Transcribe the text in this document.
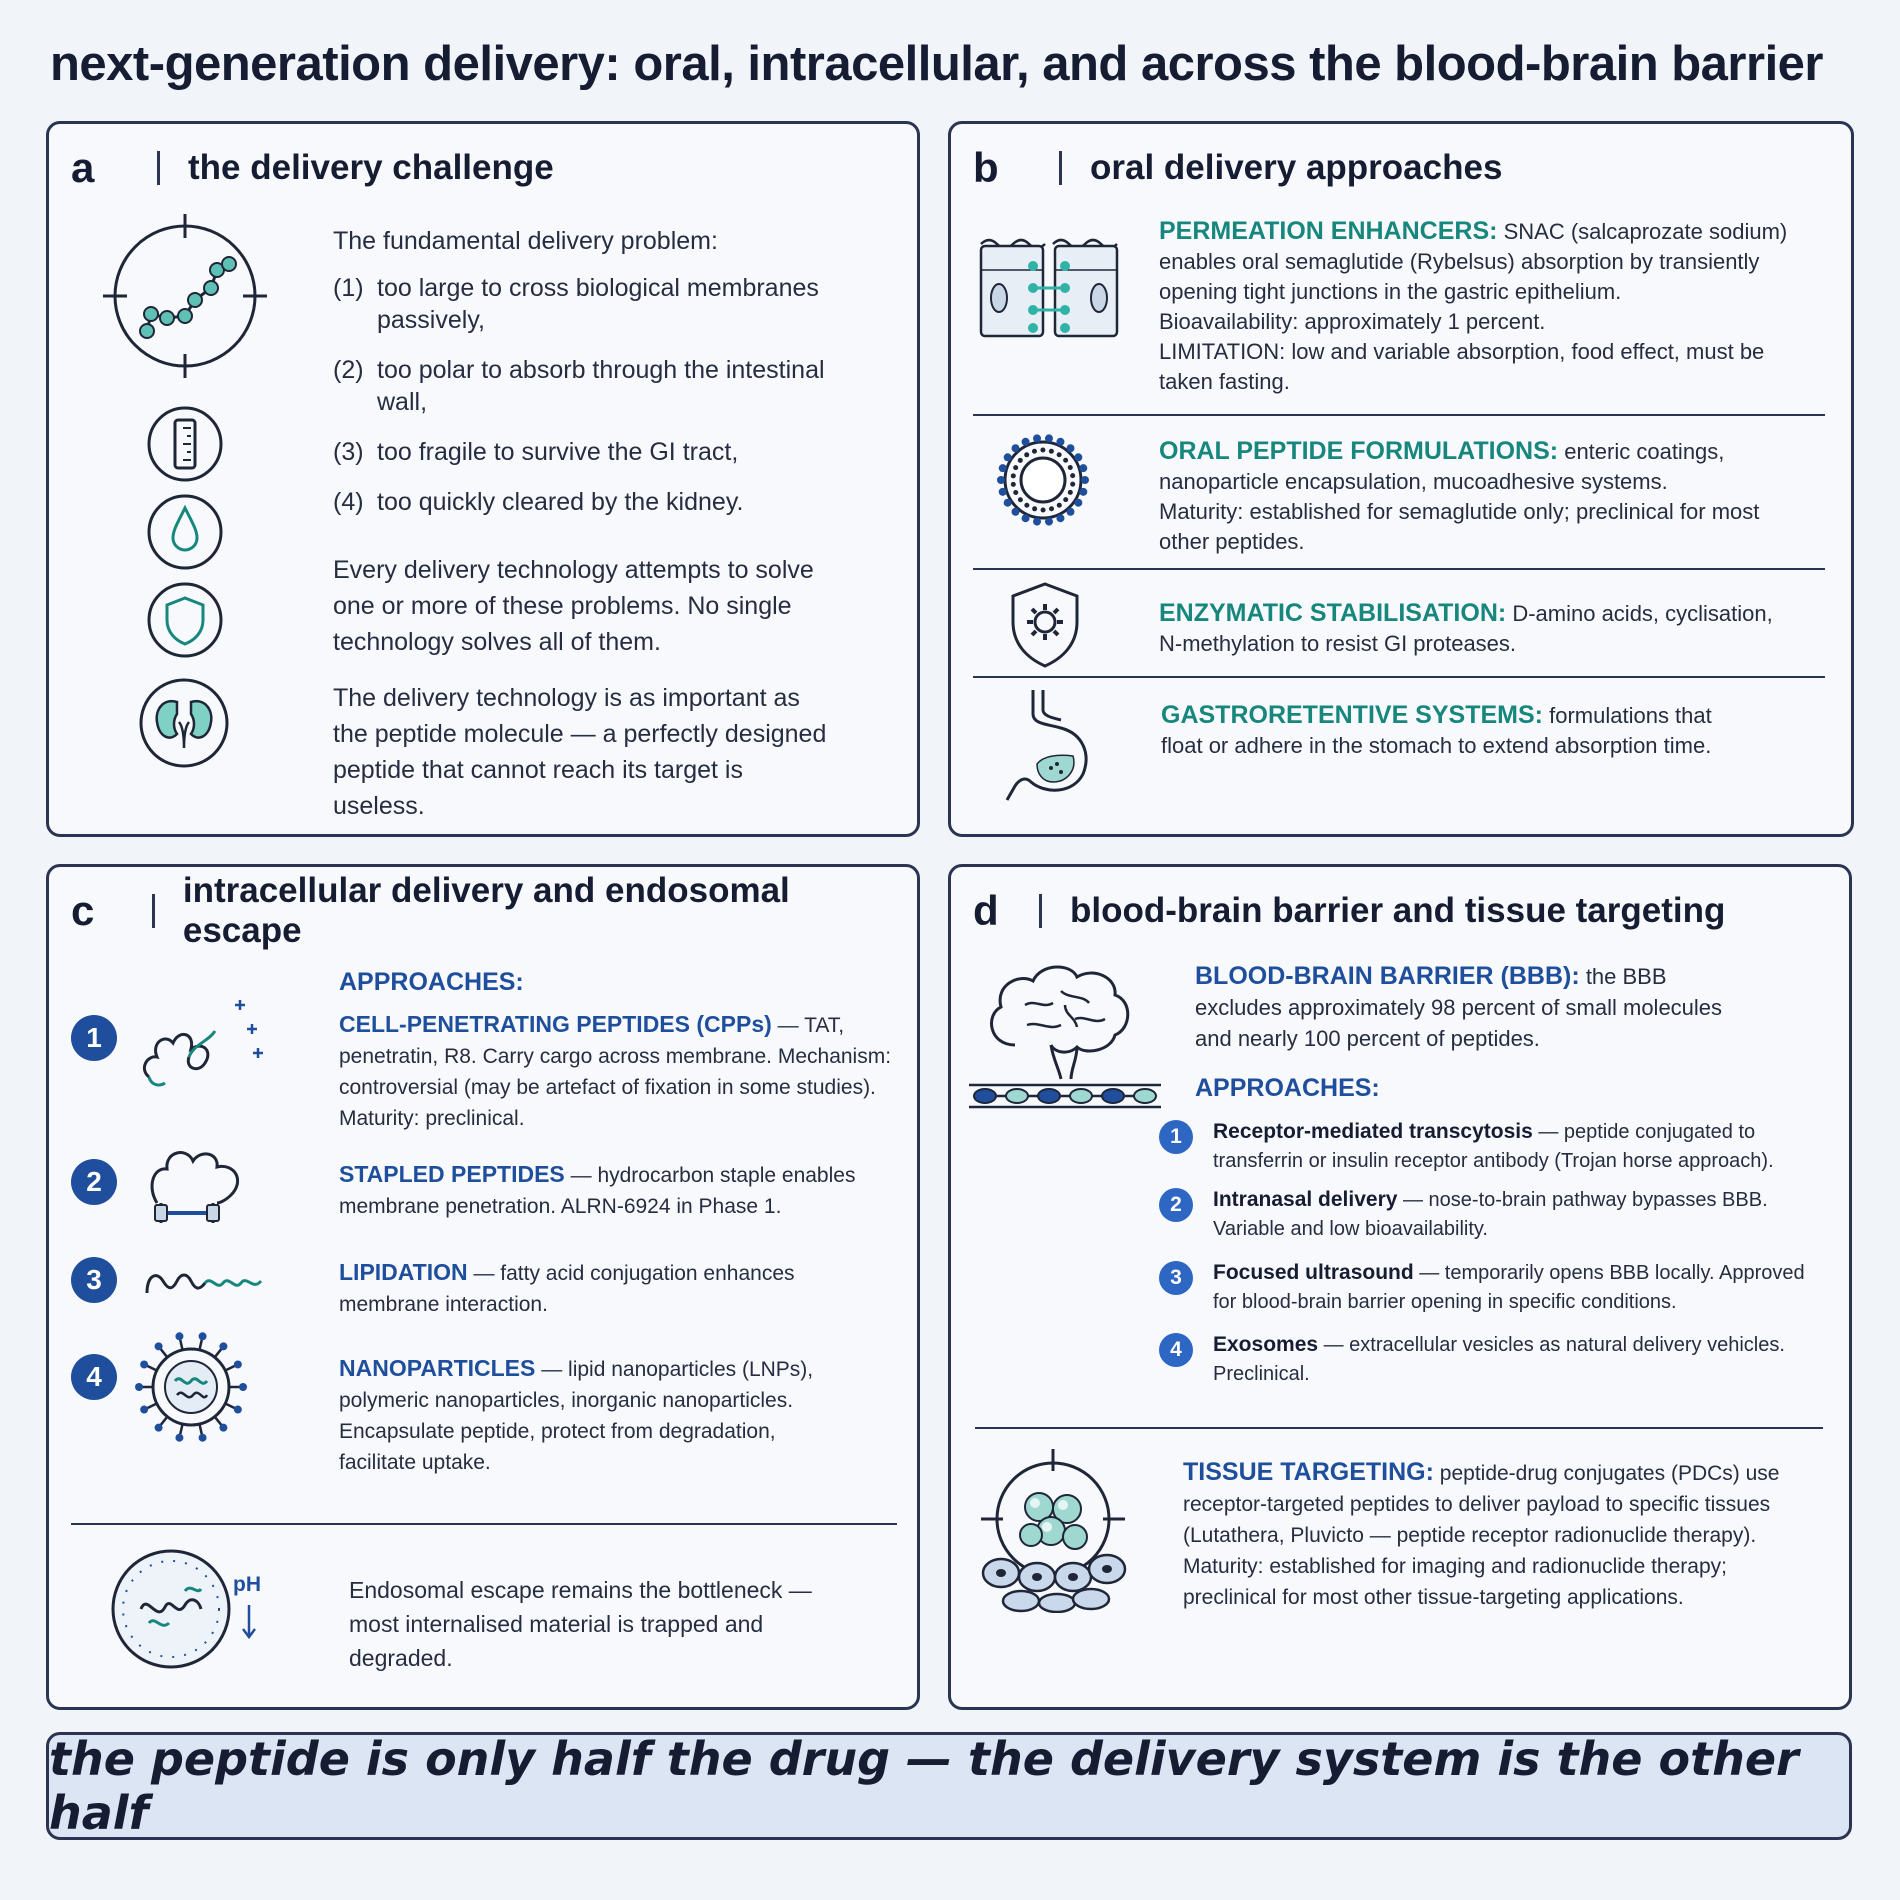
next-generation delivery: oral, intracellular, and across the blood-brain barrier
a	the delivery challenge
The fundamental delivery problem:
(1) too large to cross biological membranes passively,
(2) too polar to absorb through the intestinal wall,
(3) too fragile to survive the GI tract,
(4) too quickly cleared by the kidney.
Every delivery technology attempts to solve one or more of these problems. No single technology solves all of them.
The delivery technology is as important as the peptide molecule — a perfectly designed peptide that cannot reach its target is useless.
b	oral delivery approaches
PERMEATION ENHANCERS: SNAC (salcaprozate sodium) enables oral semaglutide (Rybelsus) absorption by transiently opening tight junctions in the gastric epithelium.
Bioavailability: approximately 1 percent.
LIMITATION: low and variable absorption, food effect, must be taken fasting.
ORAL PEPTIDE FORMULATIONS: enteric coatings, nanoparticle encapsulation, mucoadhesive systems.
Maturity: established for semaglutide only; preclinical for most other peptides.
ENZYMATIC STABILISATION: D-amino acids, cyclisation, N-methylation to resist GI proteases.
GASTRORETENTIVE SYSTEMS: formulations that float or adhere in the stomach to extend absorption time.
c	intracellular delivery and endosomal escape
APPROACHES:
1	CELL-PENETRATING PEPTIDES (CPPs) — TAT, penetratin, R8. Carry cargo across membrane. Mechanism: controversial (may be artefact of fixation in some studies). Maturity: preclinical.
2	STAPLED PEPTIDES — hydrocarbon staple enables membrane penetration. ALRN-6924 in Phase 1.
3	LIPIDATION — fatty acid conjugation enhances membrane interaction.
4	NANOPARTICLES — lipid nanoparticles (LNPs), polymeric nanoparticles, inorganic nanoparticles. Encapsulate peptide, protect from degradation, facilitate uptake.
pH	Endosomal escape remains the bottleneck — most internalised material is trapped and degraded.
d	blood-brain barrier and tissue targeting
BLOOD-BRAIN BARRIER (BBB): the BBB excludes approximately 98 percent of small molecules and nearly 100 percent of peptides.
APPROACHES:
1	Receptor-mediated transcytosis — peptide conjugated to transferrin or insulin receptor antibody (Trojan horse approach).
2	Intranasal delivery — nose-to-brain pathway bypasses BBB. Variable and low bioavailability.
3	Focused ultrasound — temporarily opens BBB locally. Approved for blood-brain barrier opening in specific conditions.
4	Exosomes — extracellular vesicles as natural delivery vehicles. Preclinical.
TISSUE TARGETING: peptide-drug conjugates (PDCs) use receptor-targeted peptides to deliver payload to specific tissues (Lutathera, Pluvicto — peptide receptor radionuclide therapy).
Maturity: established for imaging and radionuclide therapy; preclinical for most other tissue-targeting applications.
the peptide is only half the drug — the delivery system is the other half
